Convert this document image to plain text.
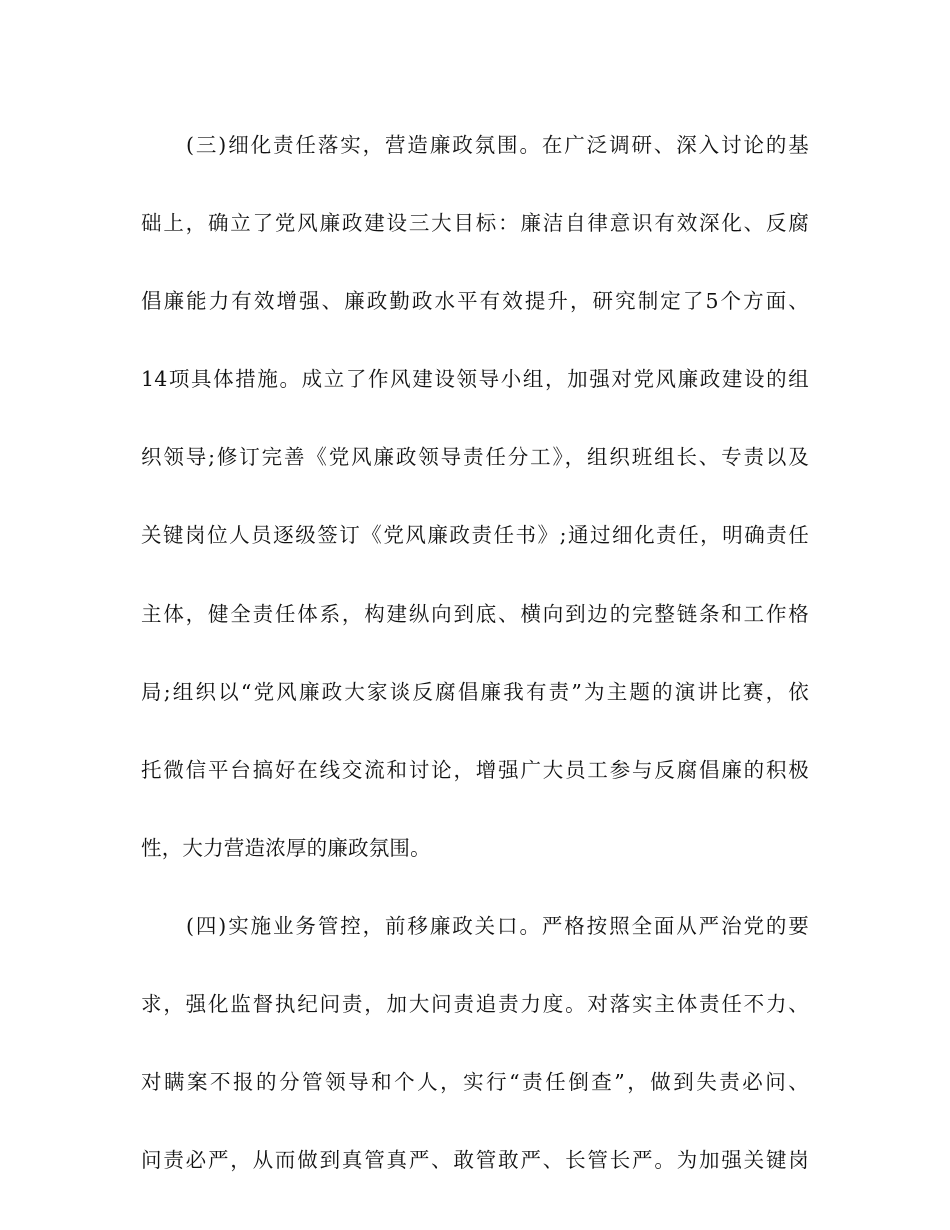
(三)细化责任落实，营造廉政氛围。在广泛调研、深入讨论的基
础上，确立了党风廉政建设三大目标：廉洁自律意识有效深化、反腐
倡廉能力有效增强、廉政勤政水平有效提升，研究制定了5个方面、
14项具体措施。成立了作风建设领导小组，加强对党风廉政建设的组
织领导;修订完善《党风廉政领导责任分工》，组织班组长、专责以及
关键岗位人员逐级签订《党风廉政责任书》;通过细化责任，明确责任
主体，健全责任体系，构建纵向到底、横向到边的完整链条和工作格
局;组织以“党风廉政大家谈反腐倡廉我有责”为主题的演讲比赛，依
托微信平台搞好在线交流和讨论，增强广大员工参与反腐倡廉的积极
性，大力营造浓厚的廉政氛围。
(四)实施业务管控，前移廉政关口。严格按照全面从严治党的要
求，强化监督执纪问责，加大问责追责力度。对落实主体责任不力、
对瞒案不报的分管领导和个人，实行“责任倒查”，做到失责必问、
问责必严，从而做到真管真严、敢管敢严、长管长严。为加强关键岗
